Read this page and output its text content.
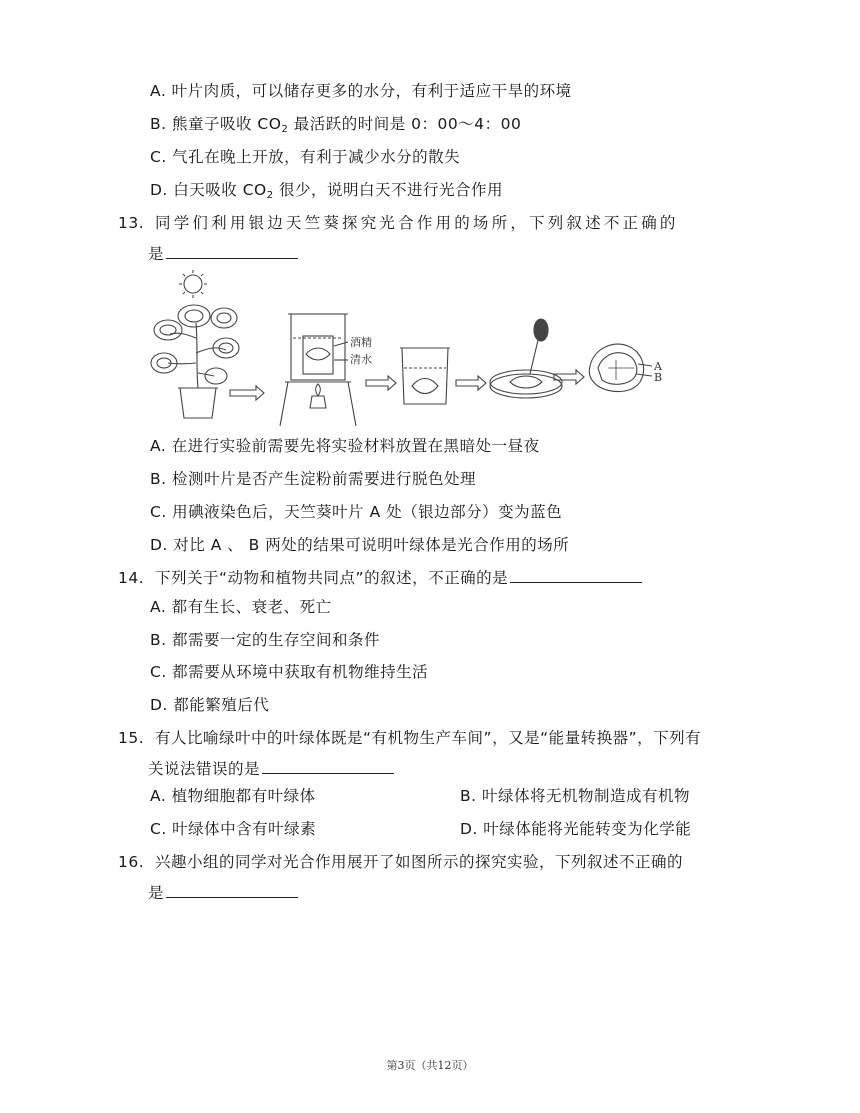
A. 叶片肉质，可以储存更多的水分，有利于适应干旱的环境
B. 熊童子吸收 $CO_2$ 最活跃的时间是 0：00～4：00
C. 气孔在晚上开放，有利于减少水分的散失
D. 白天吸收 $CO_2$ 很少，说明白天不进行光合作用
13. 同学们利用银边天竺葵探究光合作用的场所，下列叙述不正确的
是
酒精
清水
A
B
A. 在进行实验前需要先将实验材料放置在黑暗处一昼夜
B. 检测叶片是否产生淀粉前需要进行脱色处理
C. 用碘液染色后，天竺葵叶片 A 处（银边部分）变为蓝色
D. 对比 A 、 B 两处的结果可说明叶绿体是光合作用的场所
14. 下列关于“动物和植物共同点”的叙述，不正确的是
A. 都有生长、衰老、死亡
B. 都需要一定的生存空间和条件
C. 都需要从环境中获取有机物维持生活
D. 都能繁殖后代
15. 有人比喻绿叶中的叶绿体既是“有机物生产车间”，又是“能量转换器”，下列有
关说法错误的是
A. 植物细胞都有叶绿体	B. 叶绿体将无机物制造成有机物
C. 叶绿体中含有叶绿素	D. 叶绿体能将光能转变为化学能
16. 兴趣小组的同学对光合作用展开了如图所示的探究实验，下列叙述不正确的
是
第3页（共12页）
